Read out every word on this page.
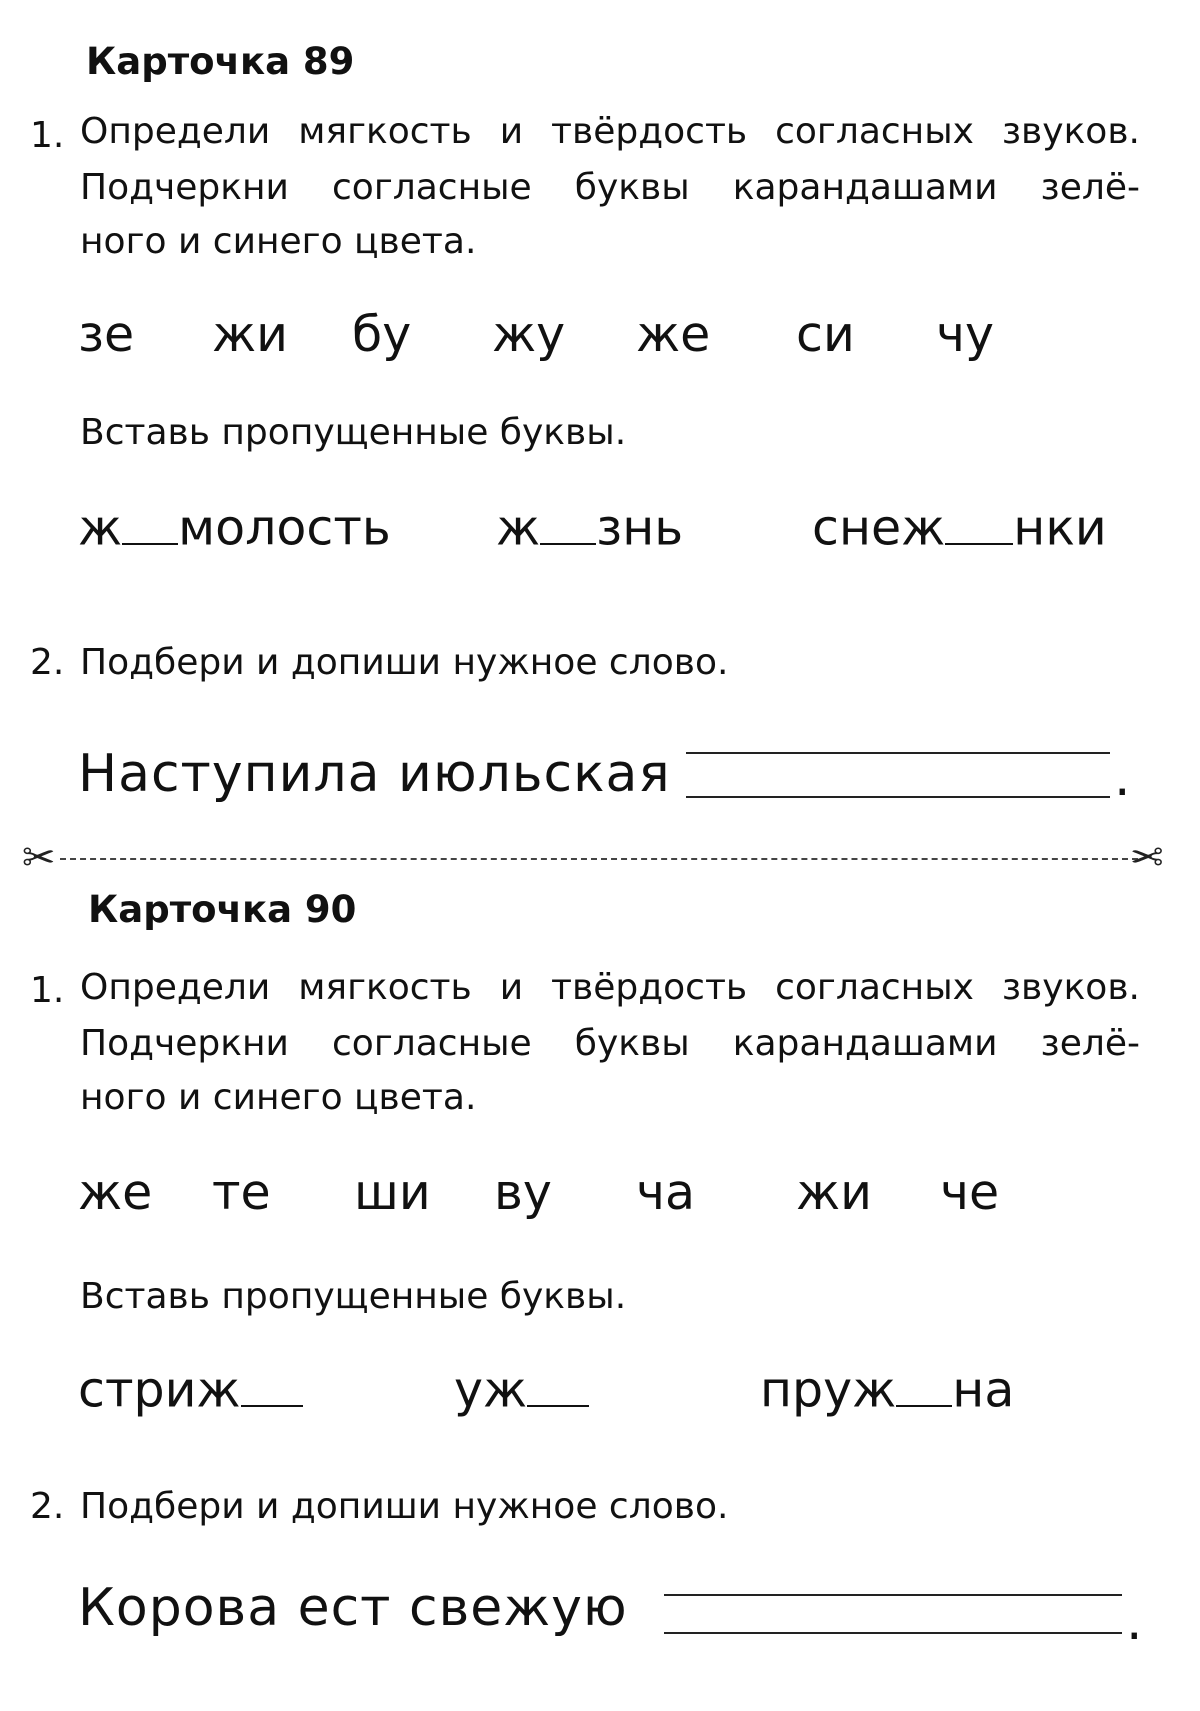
Карточка 89
1. Определи мягкость и твёрдость согласных звуков.
Подчеркни согласные буквы карандашами зелё-
ного и синего цвета.
зе жи бу жу же си чу
Вставь пропущенные буквы.
ж молость ж знь	снеж нки
2. Подбери и допиши нужное слово.
Наступила июльская	.
✂	✂
Карточка 90
1. Определи мягкость и твёрдость согласных звуков.
Подчеркни согласные буквы карандашами зелё-
ного и синего цвета.
же те ши ву ча жи че
Вставь пропущенные буквы.
стриж	уж	пруж на
2. Подбери и допиши нужное слово.
Корова ест свежую	.
